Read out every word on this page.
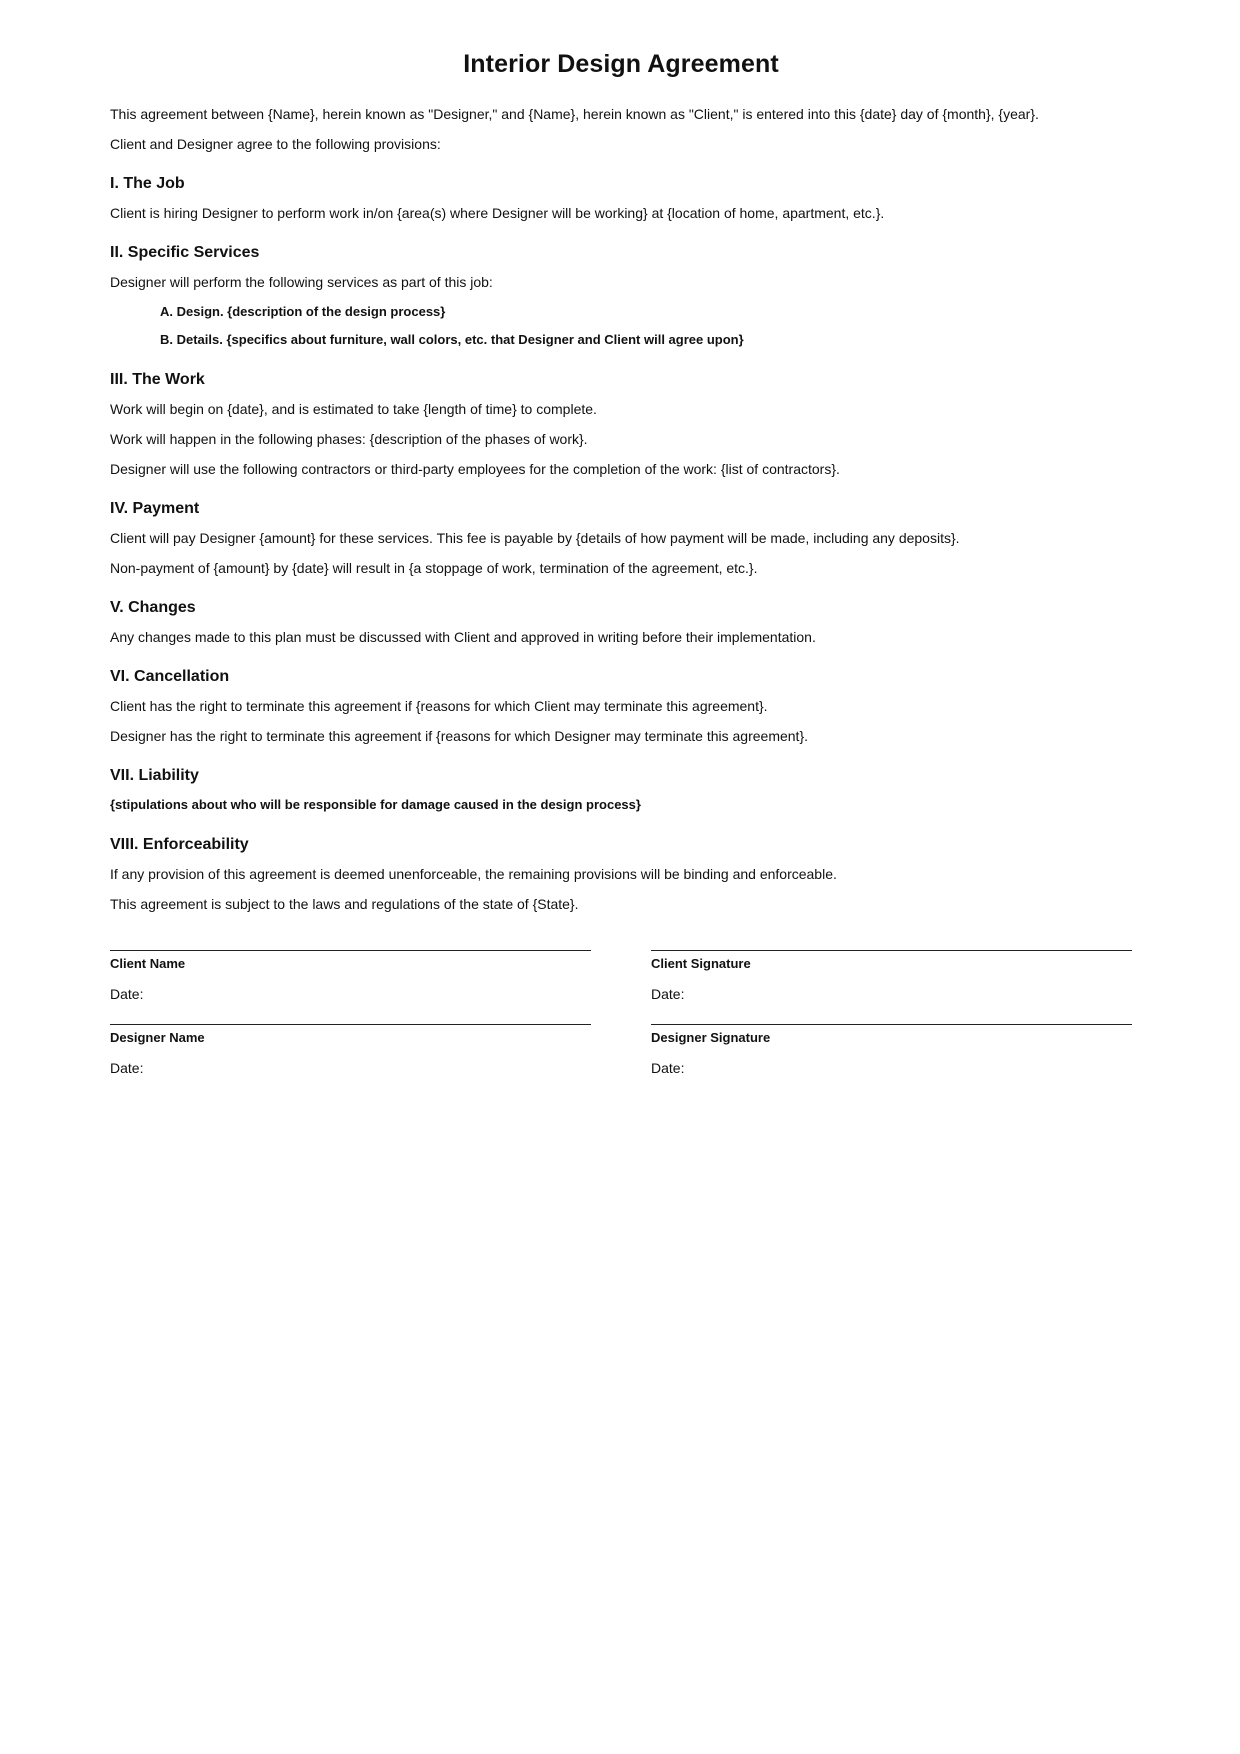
Interior Design Agreement

This agreement between {Name}, herein known as "Designer," and {Name}, herein known as "Client," is entered into this {date} day of {month}, {year}.

Client and Designer agree to the following provisions:

I. The Job

Client is hiring Designer to perform work in/on {area(s) where Designer will be working} at {location of home, apartment, etc.}.

II. Specific Services

Designer will perform the following services as part of this job:

A. Design. {description of the design process}
B. Details. {specifics about furniture, wall colors, etc. that Designer and Client will agree upon}
III. The Work

Work will begin on {date}, and is estimated to take {length of time} to complete.

Work will happen in the following phases: {description of the phases of work}.

Designer will use the following contractors or third-party employees for the completion of the work: {list of contractors}.

IV. Payment

Client will pay Designer {amount} for these services. This fee is payable by {details of how payment will be made, including any deposits}.

Non-payment of {amount} by {date} will result in {a stoppage of work, termination of the agreement, etc.}.

V. Changes

Any changes made to this plan must be discussed with Client and approved in writing before their implementation.

VI. Cancellation

Client has the right to terminate this agreement if {reasons for which Client may terminate this agreement}.

Designer has the right to terminate this agreement if {reasons for which Designer may terminate this agreement}.

VII. Liability

{stipulations about who will be responsible for damage caused in the design process}

VIII. Enforceability

If any provision of this agreement is deemed unenforceable, the remaining provisions will be binding and enforceable.

This agreement is subject to the laws and regulations of the state of {State}.

Client Name
Date:
Client Signature
Date:
Designer Name
Date:
Designer Signature
Date:
